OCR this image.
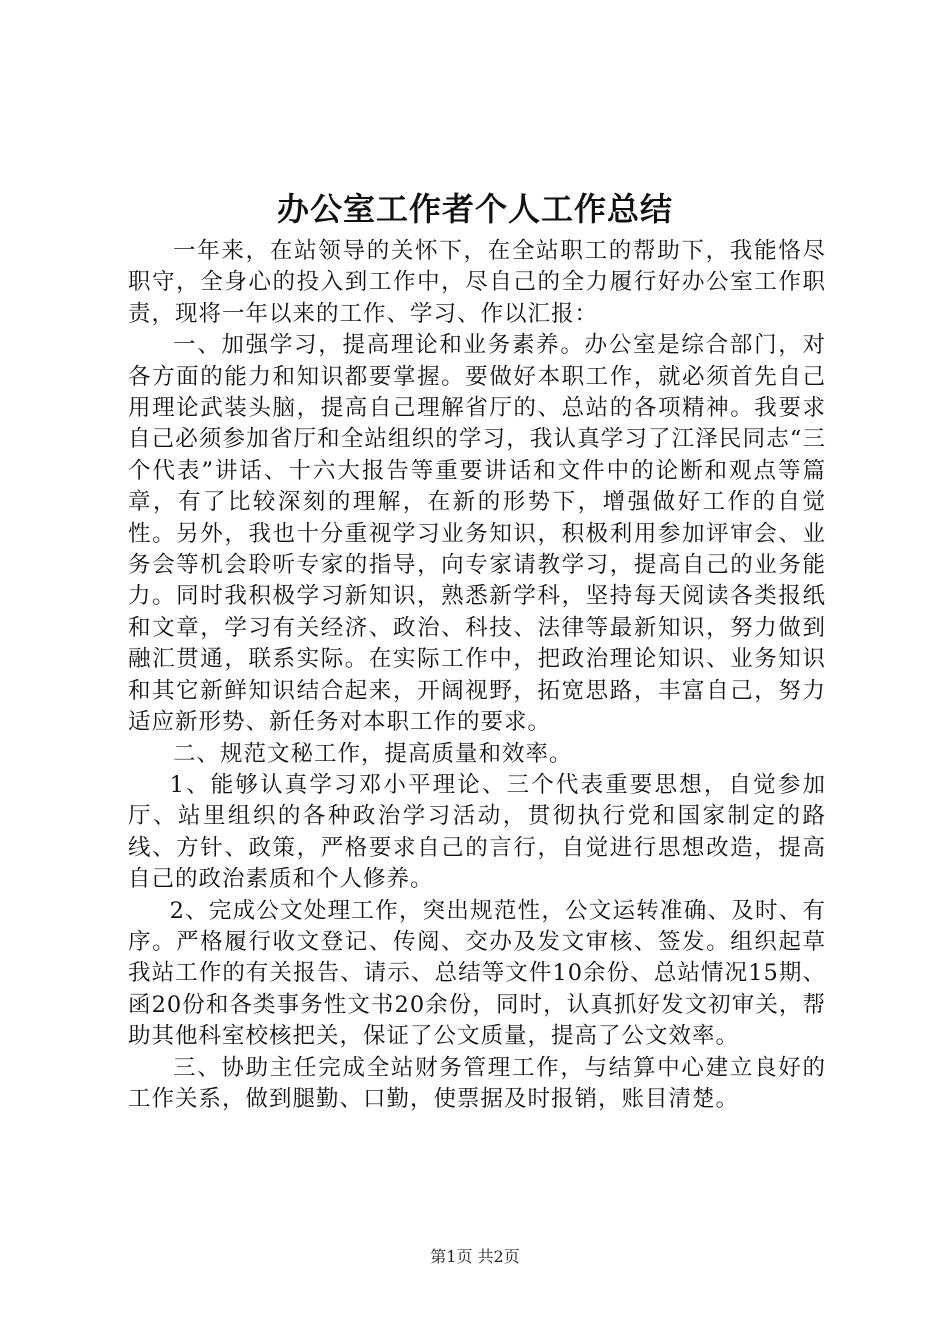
办公室工作者个人工作总结

一年来，在站领导的关怀下，在全站职工的帮助下，我能恪尽职守，全身心的投入到工作中，尽自己的全力履行好办公室工作职责，现将一年以来的工作、学习、作以汇报：

一、加强学习，提高理论和业务素养。办公室是综合部门，对各方面的能力和知识都要掌握。要做好本职工作，就必须首先自己用理论武装头脑，提高自己理解省厅的、总站的各项精神。我要求自己必须参加省厅和全站组织的学习，我认真学习了江泽民同志“三个代表”讲话、十六大报告等重要讲话和文件中的论断和观点等篇章，有了比较深刻的理解，在新的形势下，增强做好工作的自觉性。另外，我也十分重视学习业务知识，积极利用参加评审会、业务会等机会聆听专家的指导，向专家请教学习，提高自己的业务能力。同时我积极学习新知识，熟悉新学科，坚持每天阅读各类报纸和文章，学习有关经济、政治、科技、法律等最新知识，努力做到融汇贯通，联系实际。在实际工作中，把政治理论知识、业务知识和其它新鲜知识结合起来，开阔视野，拓宽思路，丰富自己，努力适应新形势、新任务对本职工作的要求。

二、规范文秘工作，提高质量和效率。

1、能够认真学习邓小平理论、三个代表重要思想，自觉参加厅、站里组织的各种政治学习活动，贯彻执行党和国家制定的路线、方针、政策，严格要求自己的言行，自觉进行思想改造，提高自己的政治素质和个人修养。

2、完成公文处理工作，突出规范性，公文运转准确、及时、有序。严格履行收文登记、传阅、交办及发文审核、签发。组织起草我站工作的有关报告、请示、总结等文件10余份、总站情况15期、函20份和各类事务性文书20余份，同时，认真抓好发文初审关，帮助其他科室校核把关，保证了公文质量，提高了公文效率。

三、协助主任完成全站财务管理工作，与结算中心建立良好的工作关系，做到腿勤、口勤，使票据及时报销，账目清楚。

第1页 共2页
